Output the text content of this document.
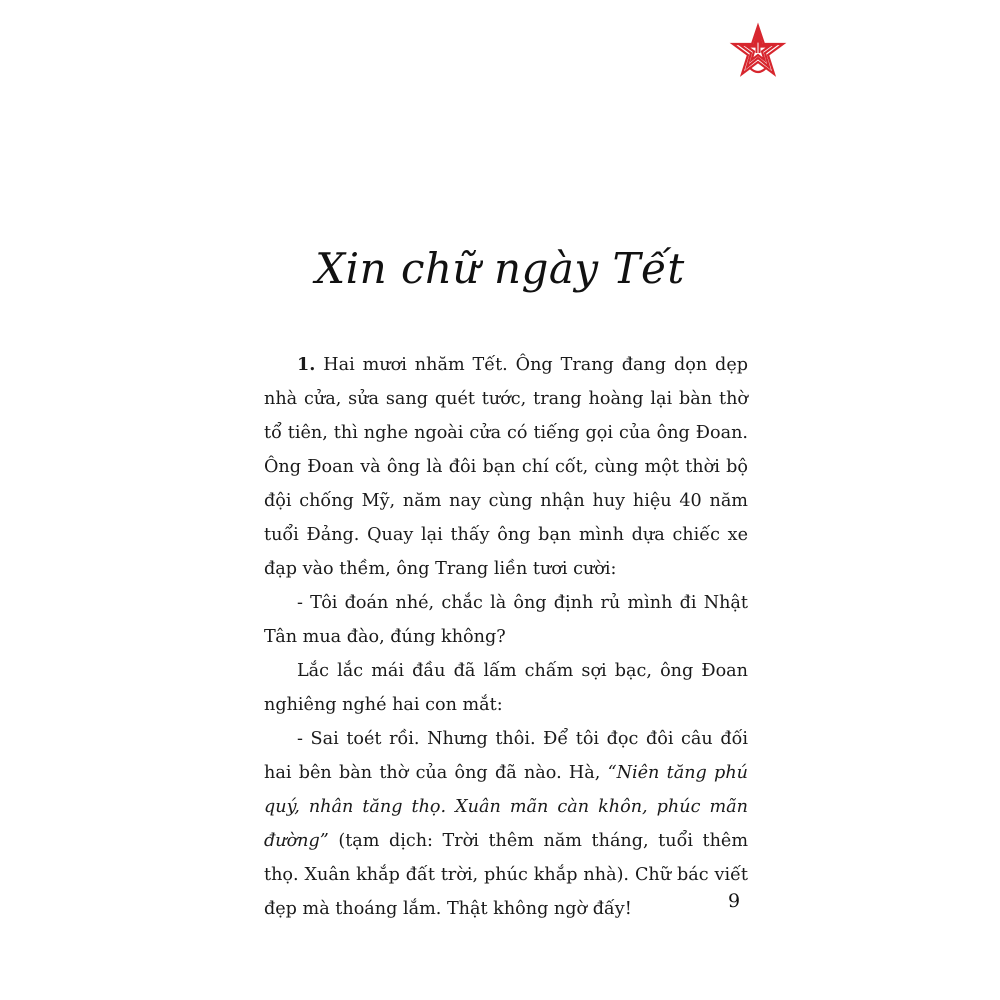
Xin chữ ngày Tết

1. Hai mươi nhăm Tết. Ông Trang đang dọn dẹp nhà cửa, sửa sang quét tước, trang hoàng lại bàn thờ tổ tiên, thì nghe ngoài cửa có tiếng gọi của ông Đoan. Ông Đoan và ông là đôi bạn chí cốt, cùng một thời bộ đội chống Mỹ, năm nay cùng nhận huy hiệu 40 năm tuổi Đảng. Quay lại thấy ông bạn mình dựa chiếc xe đạp vào thềm, ông Trang liền tươi cười:

- Tôi đoán nhé, chắc là ông định rủ mình đi Nhật Tân mua đào, đúng không?

Lắc lắc mái đầu đã lấm chấm sợi bạc, ông Đoan nghiêng nghé hai con mắt:

- Sai toét rồi. Nhưng thôi. Để tôi đọc đôi câu đối hai bên bàn thờ của ông đã nào. Hà, “Niên tăng phú quý, nhân tăng thọ. Xuân mãn càn khôn, phúc mãn đường” (tạm dịch: Trời thêm năm tháng, tuổi thêm thọ. Xuân khắp đất trời, phúc khắp nhà). Chữ bác viết đẹp mà thoáng lắm. Thật không ngờ đấy!	9
